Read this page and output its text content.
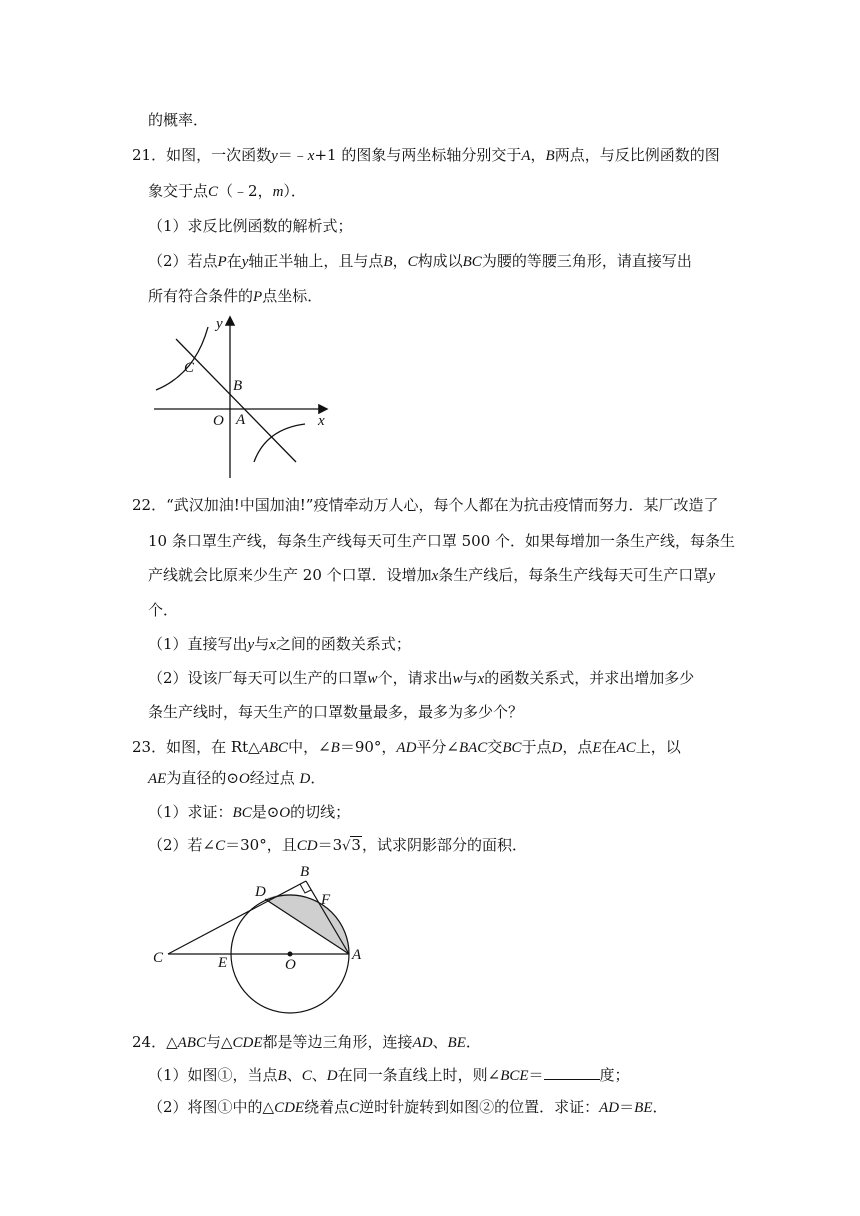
的概率．
21．如图，一次函数y＝﹣x+1 的图象与两坐标轴分别交于A，B两点，与反比例函数的图
象交于点C（﹣2，m）．
（1）求反比例函数的解析式；
（2）若点P在y轴正半轴上，且与点B，C构成以BC为腰的等腰三角形，请直接写出
所有符合条件的P点坐标．
y
x
C
B
O A
22．“武汉加油!中国加油!”疫情牵动万人心，每个人都在为抗击疫情而努力．某厂改造了
10 条口罩生产线，每条生产线每天可生产口罩 500 个．如果每增加一条生产线，每条生
产线就会比原来少生产 20 个口罩．设增加x条生产线后，每条生产线每天可生产口罩y
个．
（1）直接写出y与x之间的函数关系式；
（2）设该厂每天可以生产的口罩w个，请求出w与x的函数关系式，并求出增加多少
条生产线时，每天生产的口罩数量最多，最多为多少个？
23．如图，在 Rt△ABC中，∠B＝90°，AD平分∠BAC交BC于点D，点E在AC上，以
AE为直径的⊙O经过点 D．
（1）求证：BC是⊙O的切线；
（2）若∠C＝30°，且CD＝3√3，试求阴影部分的面积．
B
D	F
C	E	O
A
24．△ABC与△CDE都是等边三角形，连接AD、BE．
（1）如图①，当点B、C、D在同一条直线上时，则∠BCE＝	度；
（2）将图①中的△CDE绕着点C逆时针旋转到如图②的位置．求证：AD＝BE．
